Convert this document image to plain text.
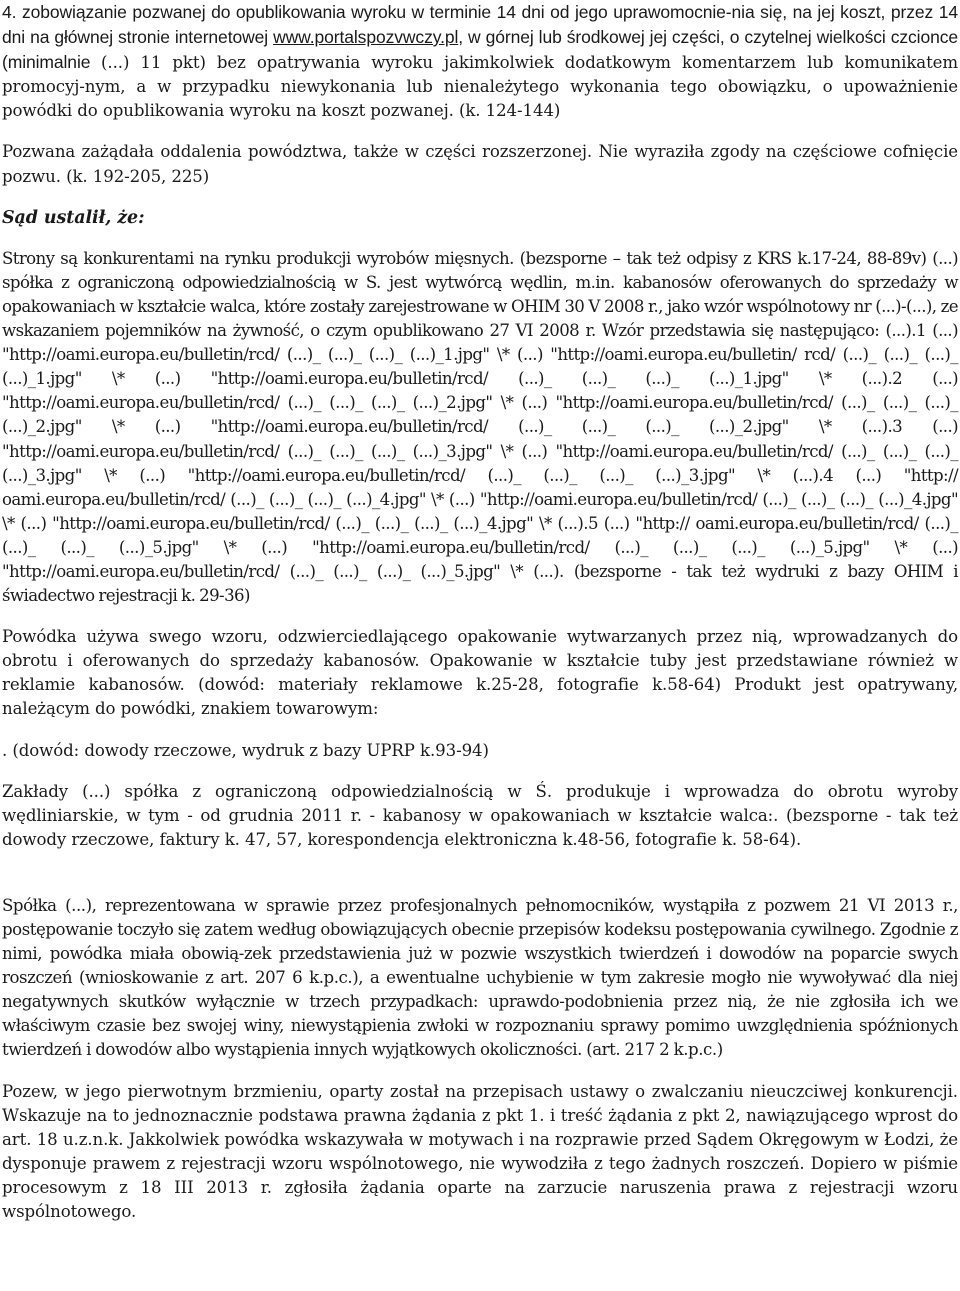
4. zobowiązanie pozwanej do opublikowania wyroku w terminie 14 dni od jego uprawomocnie-nia się, na jej koszt, przez 14 dni na głównej stronie internetowej www.portalspozvwczy.pl, w górnej lub środkowej jej części, o czytelnej wielkości czcionce (minimalnie (...) 11 pkt) bez opatrywania wyroku jakimkolwiek dodatkowym komentarzem lub komunikatem promocyj-nym, a w przypadku niewykonania lub nienależytego wykonania tego obowiązku, o upoważnienie powódki do opublikowania wyroku na koszt pozwanej. (k. 124-144)

Pozwana zażądała oddalenia powództwa, także w części rozszerzonej. Nie wyraziła zgody na częściowe cofnięcie pozwu. (k. 192-205, 225)

Sąd ustalił, że:

Strony są konkurentami na rynku produkcji wyrobów mięsnych. (bezsporne – tak też odpisy z KRS k.17-24, 88-89v) (...) spółka z ograniczoną odpowiedzialnością w S. jest wytwórcą wędlin, m.in. kabanosów oferowanych do sprzedaży w opakowaniach w kształcie walca, które zostały zarejestrowane w OHIM 30 V 2008 r., jako wzór wspólnotowy nr (...)-(...), ze wskazaniem pojemników na żywność, o czym opublikowano 27 VI 2008 r. Wzór przedstawia się następująco: (...).1 (...) "http://oami.europa.eu/bulletin/rcd/ (...)_ (...)_ (...)_ (...)_1.jpg" \* (...) "http://oami.europa.eu/bulletin/ rcd/ (...)_ (...)_ (...)_ (...)_1.jpg" \* (...) "http://oami.europa.eu/bulletin/rcd/ (...)_ (...)_ (...)_ (...)_1.jpg" \* (...).2 (...) "http://oami.europa.eu/bulletin/rcd/ (...)_ (...)_ (...)_ (...)_2.jpg" \* (...) "http://oami.europa.eu/bulletin/rcd/ (...)_ (...)_ (...)_ (...)_2.jpg" \* (...) "http://oami.europa.eu/bulletin/rcd/ (...)_ (...)_ (...)_ (...)_2.jpg" \* (...).3 (...) "http://oami.europa.eu/bulletin/rcd/ (...)_ (...)_ (...)_ (...)_3.jpg" \* (...) "http://oami.europa.eu/bulletin/rcd/ (...)_ (...)_ (...)_ (...)_3.jpg" \* (...) "http://oami.europa.eu/bulletin/rcd/ (...)_ (...)_ (...)_ (...)_3.jpg" \* (...).4 (...) "http:// oami.europa.eu/bulletin/rcd/ (...)_ (...)_ (...)_ (...)_4.jpg" \* (...) "http://oami.europa.eu/bulletin/rcd/ (...)_ (...)_ (...)_ (...)_4.jpg" \* (...) "http://oami.europa.eu/bulletin/rcd/ (...)_ (...)_ (...)_ (...)_4.jpg" \* (...).5 (...) "http:// oami.europa.eu/bulletin/rcd/ (...)_ (...)_ (...)_ (...)_5.jpg" \* (...) "http://oami.europa.eu/bulletin/rcd/ (...)_ (...)_ (...)_ (...)_5.jpg" \* (...) "http://oami.europa.eu/bulletin/rcd/ (...)_ (...)_ (...)_ (...)_5.jpg" \* (...). (bezsporne - tak też wydruki z bazy OHIM i świadectwo rejestracji k. 29-36)

Powódka używa swego wzoru, odzwierciedlającego opakowanie wytwarzanych przez nią, wprowadzanych do obrotu i oferowanych do sprzedaży kabanosów. Opakowanie w kształcie tuby jest przedstawiane również w reklamie kabanosów. (dowód: materiały reklamowe k.25-28, fotografie k.58-64) Produkt jest opatrywany, należącym do powódki, znakiem towarowym:

. (dowód: dowody rzeczowe, wydruk z bazy UPRP k.93-94)

Zakłady (...) spółka z ograniczoną odpowiedzialnością w Ś. produkuje i wprowadza do obrotu wyroby wędliniarskie, w tym - od grudnia 2011 r. - kabanosy w opakowaniach w kształcie walca:. (bezsporne - tak też dowody rzeczowe, faktury k. 47, 57, korespondencja elektroniczna k.48-56, fotografie k. 58-64).

Spółka (...), reprezentowana w sprawie przez profesjonalnych pełnomocników, wystąpiła z pozwem 21 VI 2013 r., postępowanie toczyło się zatem według obowiązujących obecnie przepisów kodeksu postępowania cywilnego. Zgodnie z nimi, powódka miała obowią-zek przedstawienia już w pozwie wszystkich twierdzeń i dowodów na poparcie swych roszczeń (wnioskowanie z art. 207 6 k.p.c.), a ewentualne uchybienie w tym zakresie mogło nie wywoływać dla niej negatywnych skutków wyłącznie w trzech przypadkach: uprawdo-podobnienia przez nią, że nie zgłosiła ich we właściwym czasie bez swojej winy, niewystąpienia zwłoki w rozpoznaniu sprawy pomimo uwzględnienia spóźnionych twierdzeń i dowodów albo wystąpienia innych wyjątkowych okoliczności. (art. 217 2 k.p.c.)

Pozew, w jego pierwotnym brzmieniu, oparty został na przepisach ustawy o zwalczaniu nieuczciwej konkurencji. Wskazuje na to jednoznacznie podstawa prawna żądania z pkt 1. i treść żądania z pkt 2, nawiązującego wprost do art. 18 u.z.n.k. Jakkolwiek powódka wskazywała w motywach i na rozprawie przed Sądem Okręgowym w Łodzi, że dysponuje prawem z rejestracji wzoru wspólnotowego, nie wywodziła z tego żadnych roszczeń. Dopiero w piśmie procesowym z 18 III 2013 r. zgłosiła żądania oparte na zarzucie naruszenia prawa z rejestracji wzoru wspólnotowego.
